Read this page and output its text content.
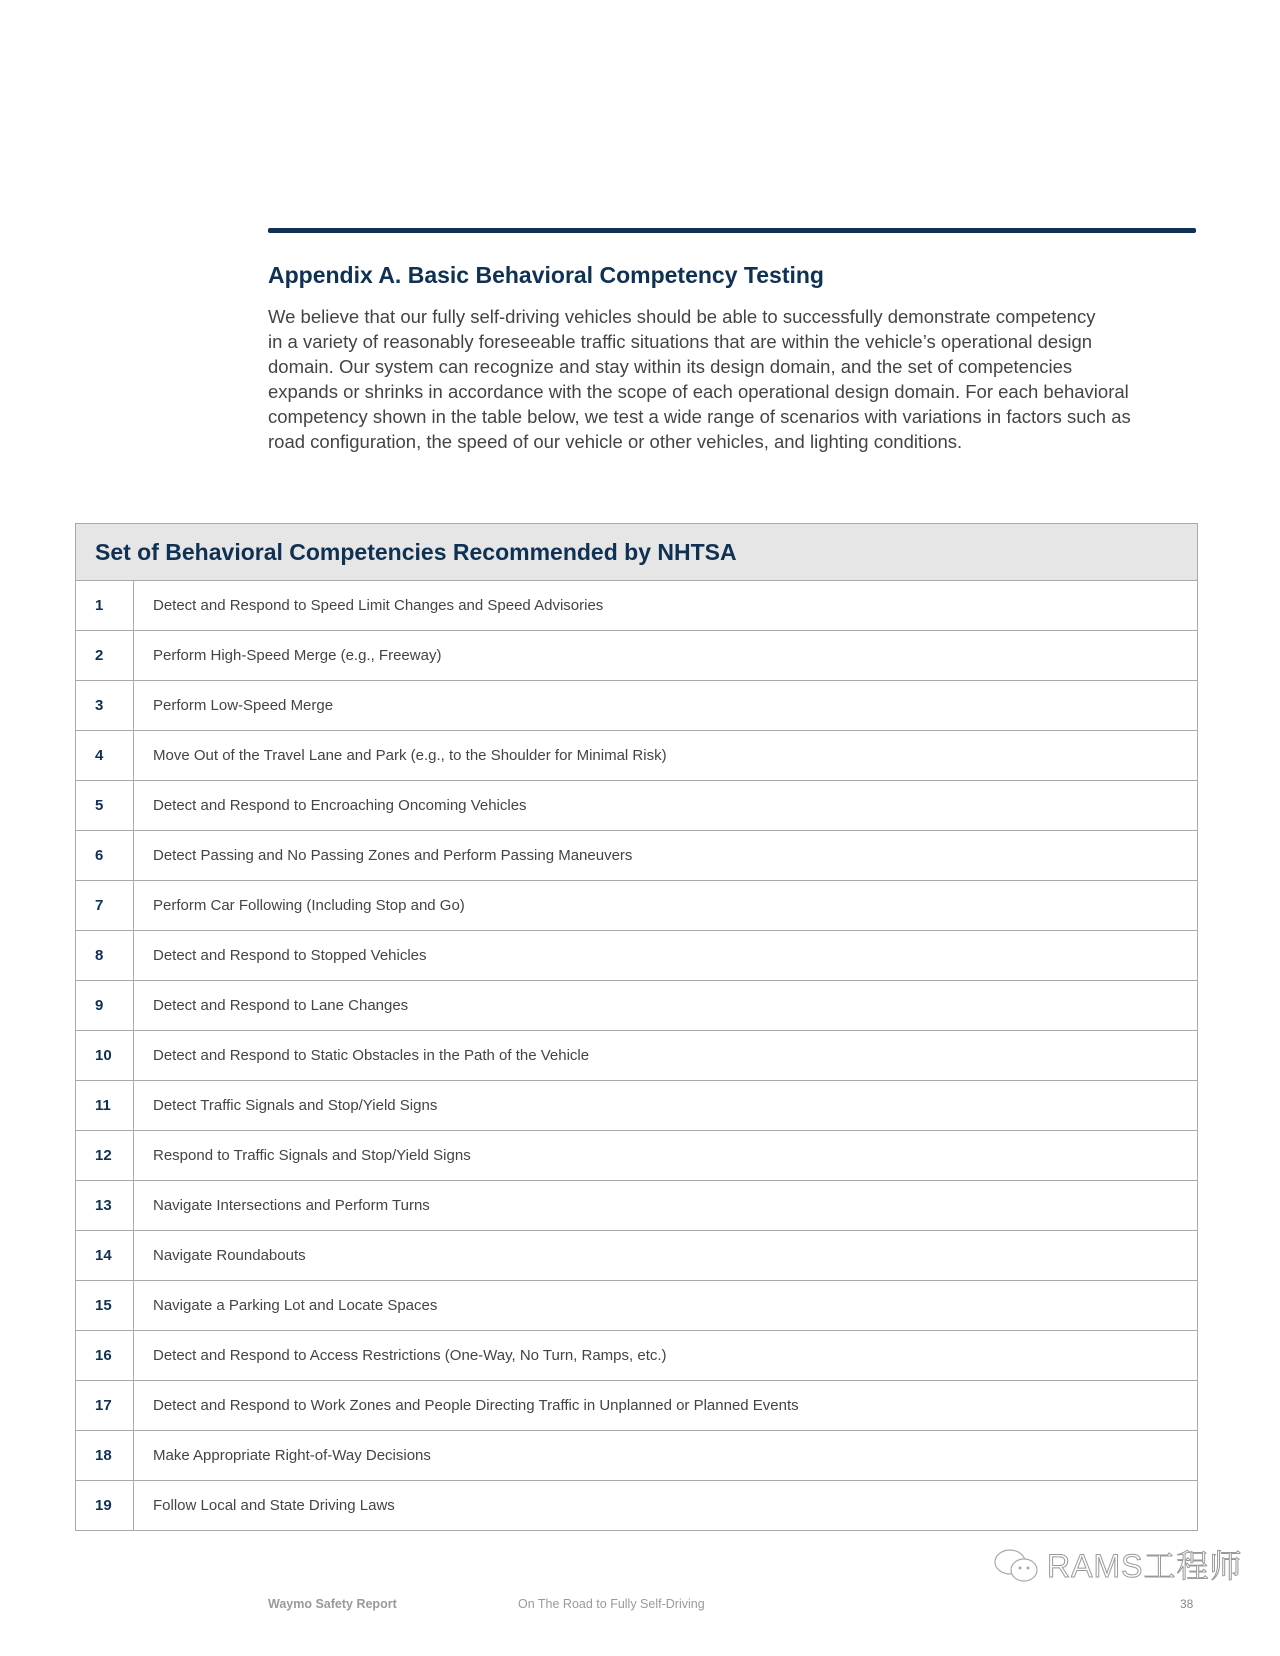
Appendix A. Basic Behavioral Competency Testing

We believe that our fully self-driving vehicles should be able to successfully demonstrate competency
in a variety of reasonably foreseeable traffic situations that are within the vehicle’s operational design
domain. Our system can recognize and stay within its design domain, and the set of competencies
expands or shrinks in accordance with the scope of each operational design domain. For each behavioral
competency shown in the table below, we test a wide range of scenarios with variations in factors such as
road configuration, the speed of our vehicle or other vehicles, and lighting conditions.

Set of Behavioral Competencies Recommended by NHTSA
1	Detect and Respond to Speed Limit Changes and Speed Advisories
2	Perform High-Speed Merge (e.g., Freeway)
3	Perform Low-Speed Merge
4	Move Out of the Travel Lane and Park (e.g., to the Shoulder for Minimal Risk)
5	Detect and Respond to Encroaching Oncoming Vehicles
6	Detect Passing and No Passing Zones and Perform Passing Maneuvers
7	Perform Car Following (Including Stop and Go)
8	Detect and Respond to Stopped Vehicles
9	Detect and Respond to Lane Changes
10	Detect and Respond to Static Obstacles in the Path of the Vehicle
11	Detect Traffic Signals and Stop/Yield Signs
12	Respond to Traffic Signals and Stop/Yield Signs
13	Navigate Intersections and Perform Turns
14	Navigate Roundabouts
15	Navigate a Parking Lot and Locate Spaces
16	Detect and Respond to Access Restrictions (One-Way, No Turn, Ramps, etc.)
17	Detect and Respond to Work Zones and People Directing Traffic in Unplanned or Planned Events
18	Make Appropriate Right-of-Way Decisions
19	Follow Local and State Driving Laws
Waymo Safety Report	On The Road to Fully Self-Driving	38
RAMS工程师
